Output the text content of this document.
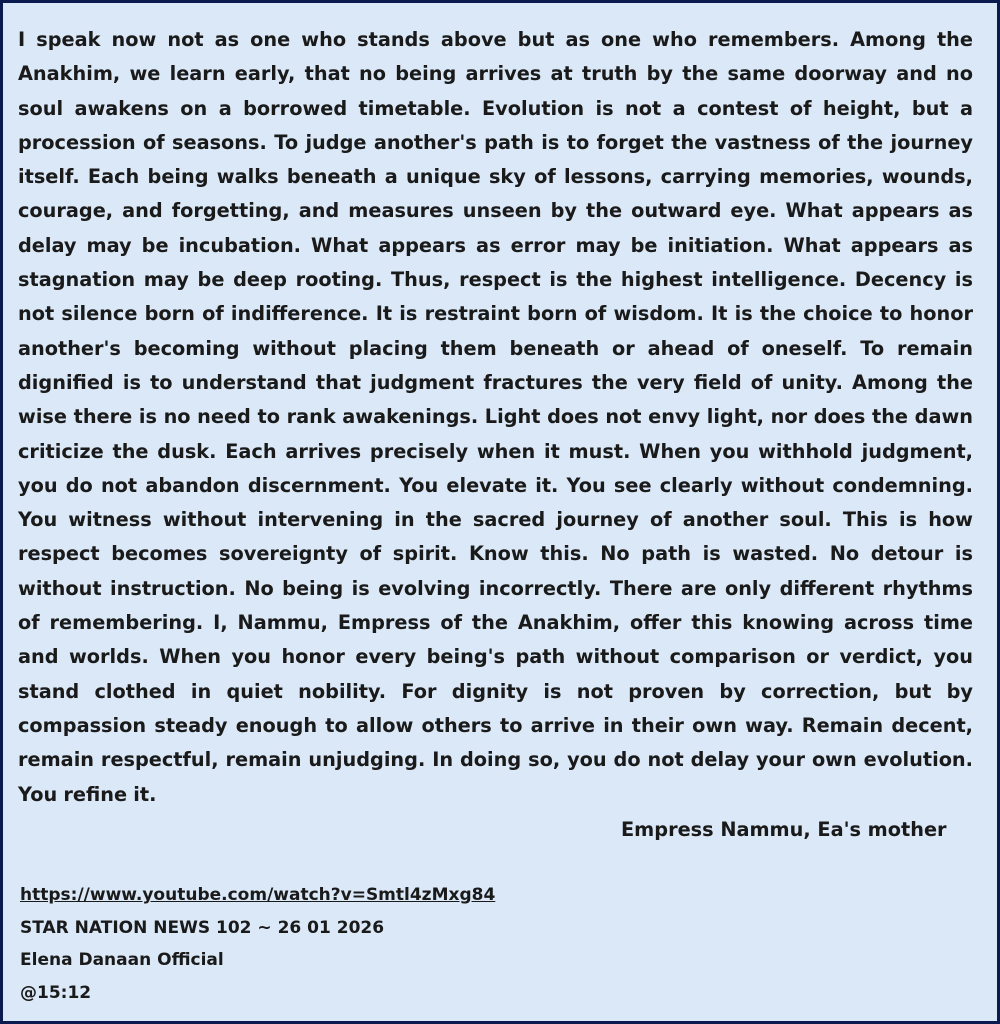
I speak now not as one who stands above but as one who remembers. Among the Anakhim, we learn early, that no being arrives at truth by the same doorway and no soul awakens on a borrowed timetable. Evolution is not a contest of height, but a procession of seasons. To judge another's path is to forget the vastness of the journey itself. Each being walks beneath a unique sky of lessons, carrying memories, wounds, courage, and forgetting, and measures unseen by the outward eye. What appears as delay may be incubation. What appears as error may be initiation. What appears as stagnation may be deep rooting. Thus, respect is the highest intelligence. Decency is not silence born of indifference. It is restraint born of wisdom. It is the choice to honor another's becoming without placing them beneath or ahead of oneself. To remain dignified is to understand that judgment fractures the very field of unity. Among the wise there is no need to rank awakenings. Light does not envy light, nor does the dawn criticize the dusk. Each arrives precisely when it must. When you withhold judgment, you do not abandon discernment. You elevate it. You see clearly without condemning. You witness without intervening in the sacred journey of another soul. This is how respect becomes sovereignty of spirit. Know this. No path is wasted. No detour is without instruction. No being is evolving incorrectly. There are only different rhythms of remembering. I, Nammu, Empress of the Anakhim, offer this knowing across time and worlds. When you honor every being's path without comparison or verdict, you stand clothed in quiet nobility. For dignity is not proven by correction, but by compassion steady enough to allow others to arrive in their own way. Remain decent, remain respectful, remain unjudging. In doing so, you do not delay your own evolution. You refine it.

Empress Nammu, Ea's mother

https://www.youtube.com/watch?v=Smtl4zMxg84
STAR NATION NEWS 102 ~ 26 01 2026
Elena Danaan Official
@15:12
